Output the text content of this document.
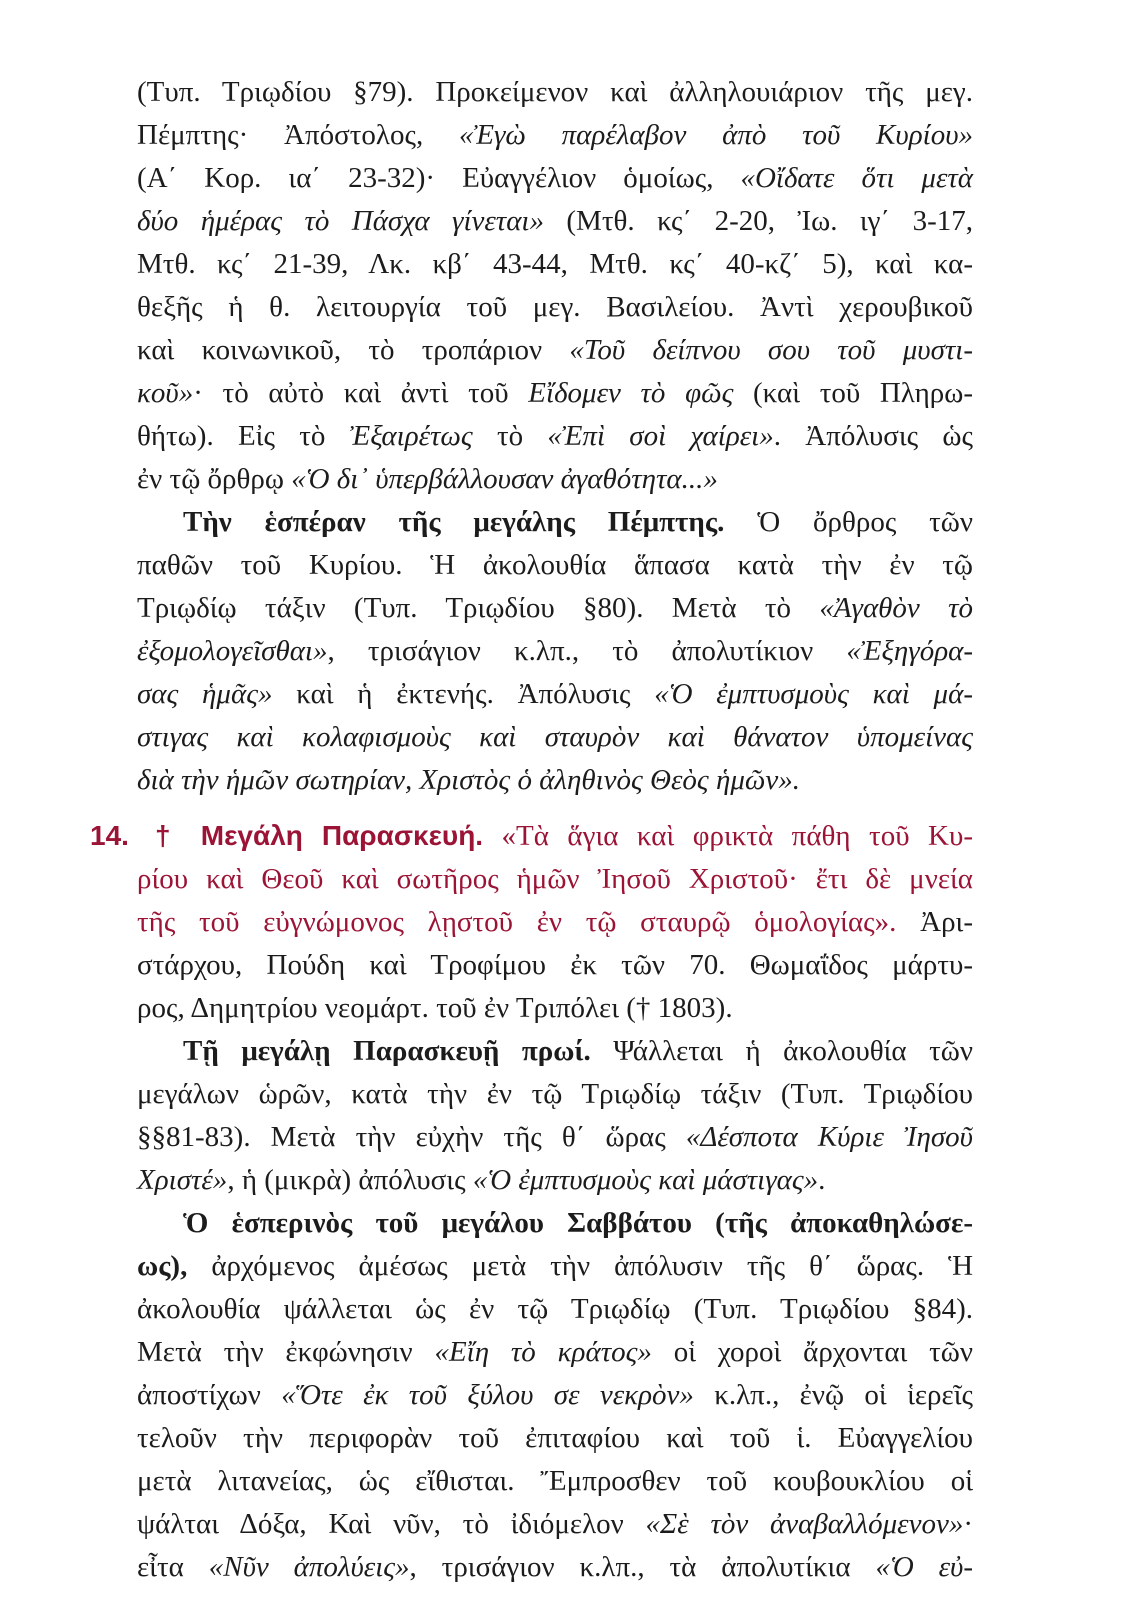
(Τυπ. Τριῳδίου §79). Προκείμενον καὶ ἀλληλουιάριον τῆς μεγ.
Πέμπτης· Ἀπόστολος, «Ἐγὼ παρέλαβον ἀπὸ τοῦ Κυρίου»
(Α΄ Κορ. ια΄ 23-32)· Εὐαγγέλιον ὁμοίως, «Οἴδατε ὅτι μετὰ
δύο ἡμέρας τὸ Πάσχα γίνεται» (Μτθ. κς΄ 2-20, Ἰω. ιγ΄ 3-17,
Μτθ. κς΄ 21-39, Λκ. κβ΄ 43-44, Μτθ. κς΄ 40-κζ΄ 5), καὶ κα-
θεξῆς ἡ θ. λειτουργία τοῦ μεγ. Βασιλείου. Ἀντὶ χερουβικοῦ
καὶ κοινωνικοῦ, τὸ τροπάριον «Τοῦ δείπνου σου τοῦ μυστι-
κοῦ»· τὸ αὐτὸ καὶ ἀντὶ τοῦ Εἴδομεν τὸ φῶς (καὶ τοῦ Πληρω-
θήτω). Εἰς τὸ Ἐξαιρέτως τὸ «Ἐπὶ σοὶ χαίρει». Ἀπόλυσις ὡς
ἐν τῷ ὄρθρῳ «Ὁ δι᾽ ὑπερβάλλουσαν ἀγαθότητα...»
Τὴν ἑσπέραν τῆς μεγάλης Πέμπτης. Ὁ ὄρθρος τῶν
παθῶν τοῦ Κυρίου. Ἡ ἀκολουθία ἅπασα κατὰ τὴν ἐν τῷ
Τριῳδίῳ τάξιν (Τυπ. Τριῳδίου §80). Μετὰ τὸ «Ἀγαθὸν τὸ
ἐξομολογεῖσθαι», τρισάγιον κ.λπ., τὸ ἀπολυτίκιον «Ἐξηγόρα-
σας ἡμᾶς» καὶ ἡ ἐκτενής. Ἀπόλυσις «Ὁ ἐμπτυσμοὺς καὶ μά-
στιγας καὶ κολαφισμοὺς καὶ σταυρὸν καὶ θάνατον ὑπομείνας
διὰ τὴν ἡμῶν σωτηρίαν, Χριστὸς ὁ ἀληθινὸς Θεὸς ἡμῶν».
14. † Μεγάλη Παρασκευή. «Τὰ ἅγια καὶ φρικτὰ πάθη τοῦ Κυ-
ρίου καὶ Θεοῦ καὶ σωτῆρος ἡμῶν Ἰησοῦ Χριστοῦ· ἔτι δὲ μνεία
τῆς τοῦ εὐγνώμονος λῃστοῦ ἐν τῷ σταυρῷ ὁμολογίας». Ἀρι-
στάρχου, Πούδη καὶ Τροφίμου ἐκ τῶν 70. Θωμαΐδος μάρτυ-
ρος, Δημητρίου νεομάρτ. τοῦ ἐν Τριπόλει († 1803).
Τῇ μεγάλῃ Παρασκευῇ πρωί. Ψάλλεται ἡ ἀκολουθία τῶν
μεγάλων ὡρῶν, κατὰ τὴν ἐν τῷ Τριῳδίῳ τάξιν (Τυπ. Τριῳδίου
§§81-83). Μετὰ τὴν εὐχὴν τῆς θ΄ ὥρας «Δέσποτα Κύριε Ἰησοῦ
Χριστέ», ἡ (μικρὰ) ἀπόλυσις «Ὁ ἐμπτυσμοὺς καὶ μάστιγας».
Ὁ ἑσπερινὸς τοῦ μεγάλου Σαββάτου (τῆς ἀποκαθηλώσε-
ως), ἀρχόμενος ἀμέσως μετὰ τὴν ἀπόλυσιν τῆς θ΄ ὥρας. Ἡ
ἀκολουθία ψάλλεται ὡς ἐν τῷ Τριῳδίῳ (Τυπ. Τριῳδίου §84).
Μετὰ τὴν ἐκφώνησιν «Εἴη τὸ κράτος» οἱ χοροὶ ἄρχονται τῶν
ἀποστίχων «Ὅτε ἐκ τοῦ ξύλου σε νεκρὸν» κ.λπ., ἐνῷ οἱ ἱερεῖς
τελοῦν τὴν περιφορὰν τοῦ ἐπιταφίου καὶ τοῦ ἱ. Εὐαγγελίου
μετὰ λιτανείας, ὡς εἴθισται. Ἔμπροσθεν τοῦ κουβουκλίου οἱ
ψάλται Δόξα, Καὶ νῦν, τὸ ἰδιόμελον «Σὲ τὸν ἀναβαλλόμενον»·
εἶτα «Νῦν ἀπολύεις», τρισάγιον κ.λπ., τὰ ἀπολυτίκια «Ὁ εὐ-
